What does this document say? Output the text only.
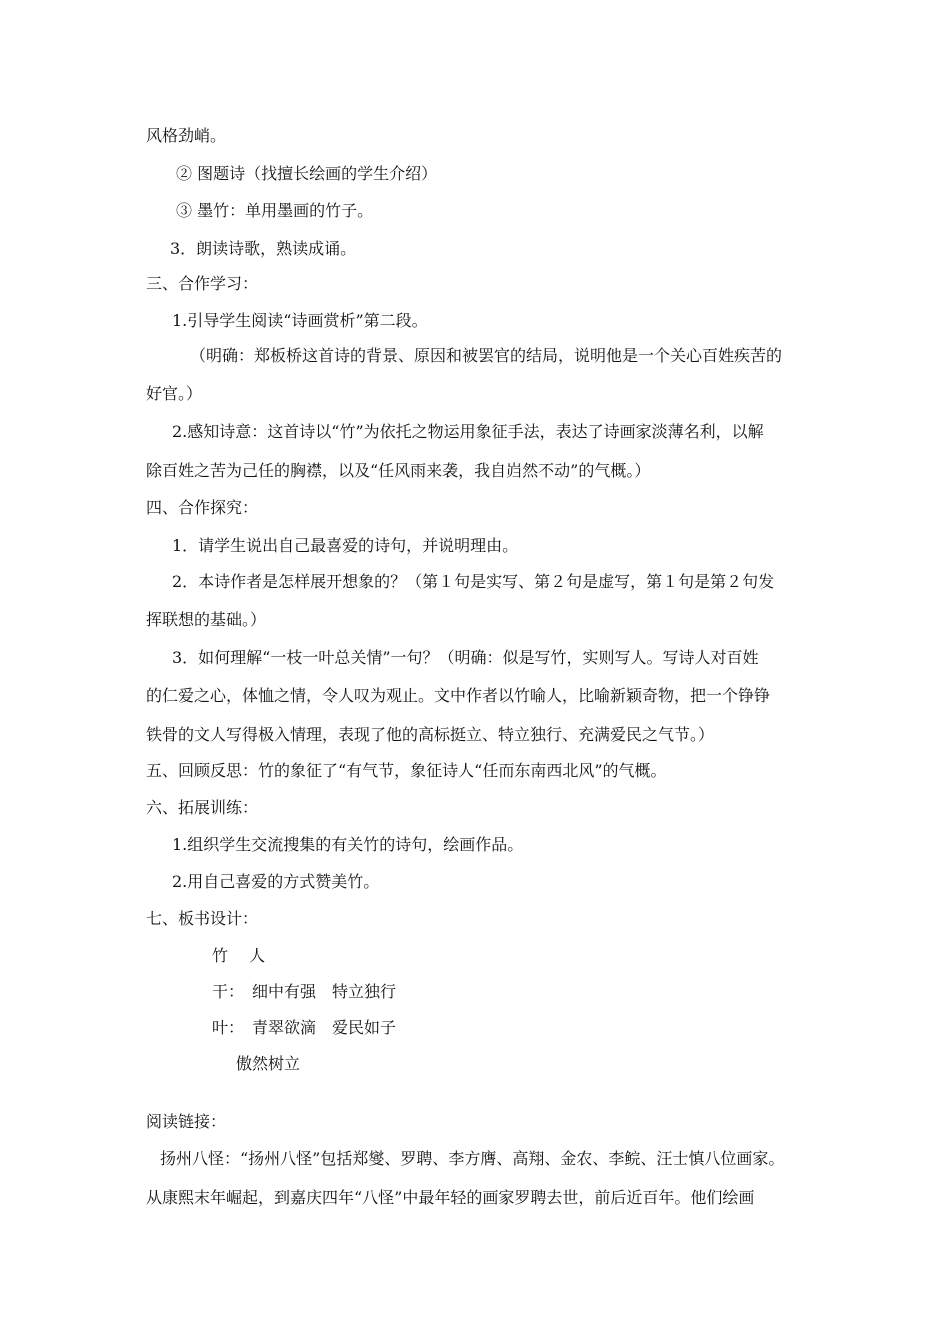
风格劲峭。
② 图题诗（找擅长绘画的学生介绍）
③ 墨竹：单用墨画的竹子。
3．朗读诗歌，熟读成诵。
三、合作学习：
1.引导学生阅读“诗画赏析”第二段。
（明确：郑板桥这首诗的背景、原因和被罢官的结局，说明他是一个关心百姓疾苦的
好官。）
2.感知诗意：这首诗以“竹”为依托之物运用象征手法，表达了诗画家淡薄名利，以解
除百姓之苦为己任的胸襟，以及“任风雨来袭，我自岿然不动”的气概。）
四、合作探究：
1．请学生说出自己最喜爱的诗句，并说明理由。
2．本诗作者是怎样展开想象的？（第１句是实写、第２句是虚写，第１句是第２句发
挥联想的基础。）
3．如何理解“一枝一叶总关情”一句？（明确：似是写竹，实则写人。写诗人对百姓
的仁爱之心，体恤之情，令人叹为观止。文中作者以竹喻人，比喻新颖奇物，把一个铮铮
铁骨的文人写得极入情理，表现了他的高标挺立、特立独行、充满爱民之气节。）
五、回顾反思：竹的象征了“有气节，象征诗人“任而东南西北风”的气概。
六、拓展训练：
1.组织学生交流搜集的有关竹的诗句，绘画作品。
2.用自己喜爱的方式赞美竹。
七、板书设计：
竹　 人
干：　细中有强　特立独行
叶：　青翠欲滴　爱民如子
傲然树立
阅读链接：
扬州八怪：“扬州八怪”包括郑燮、罗聘、李方膺、高翔、金农、李鲩、汪士慎八位画家。
从康熙末年崛起，到嘉庆四年“八怪”中最年轻的画家罗聘去世，前后近百年。他们绘画
